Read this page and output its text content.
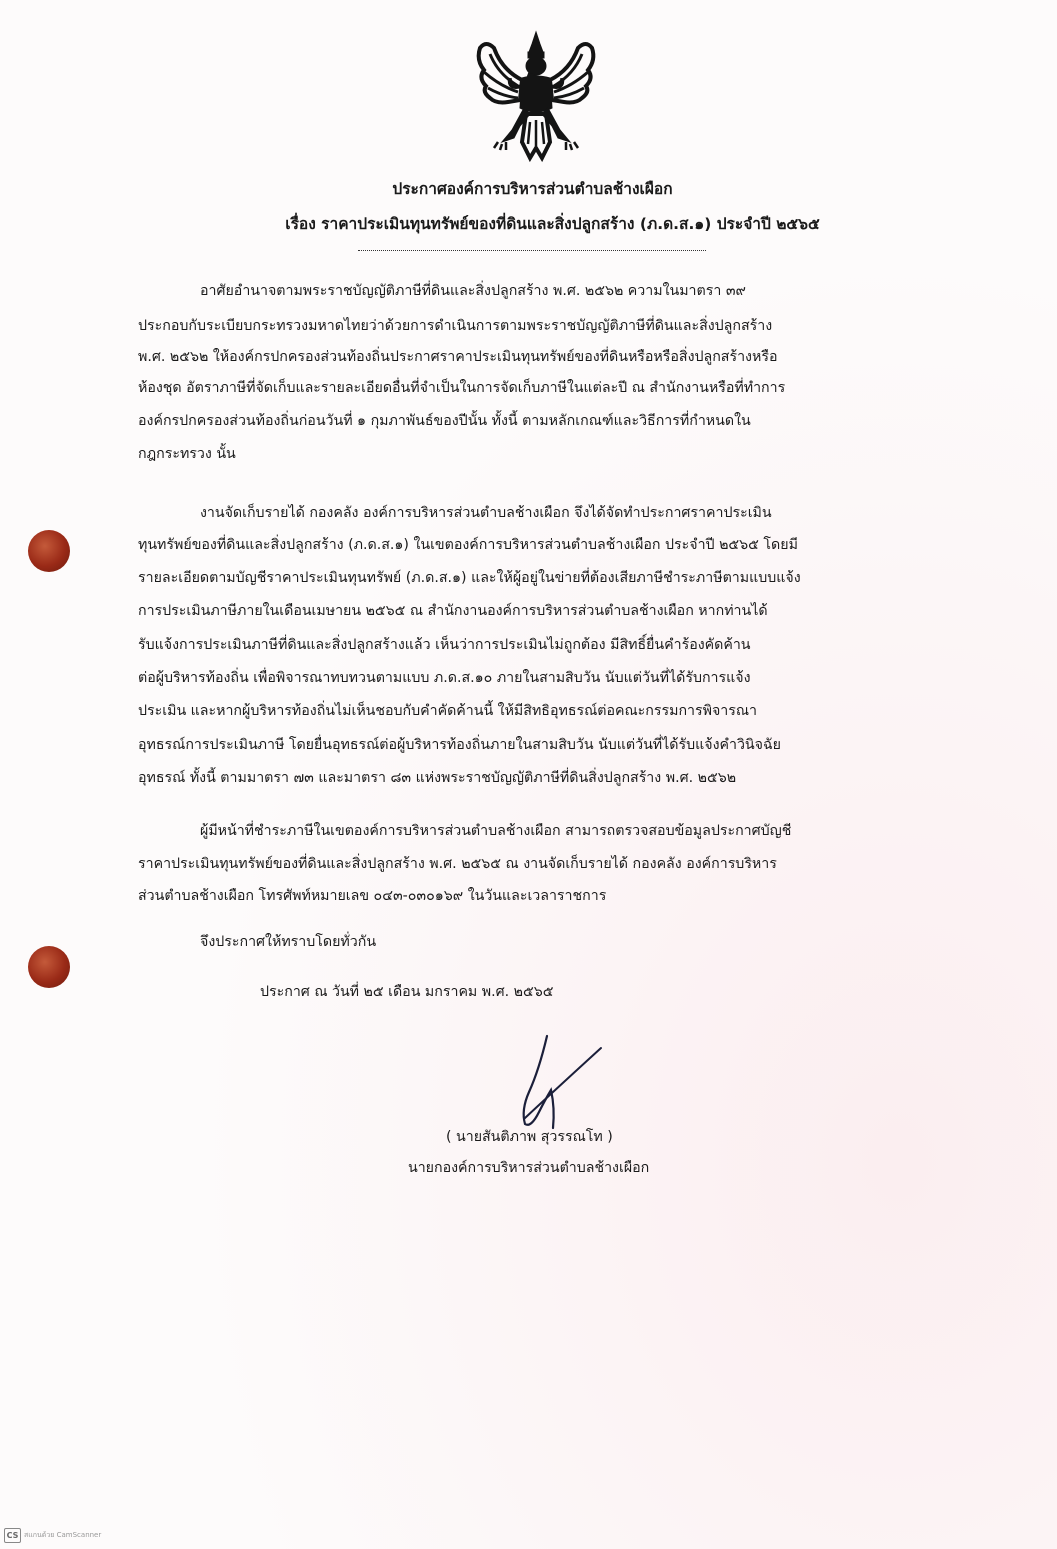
ประกาศองค์การบริหารส่วนตำบลช้างเผือก
เรื่อง ราคาประเมินทุนทรัพย์ของที่ดินและสิ่งปลูกสร้าง (ภ.ด.ส.๑) ประจำปี ๒๕๖๕
อาศัยอำนาจตามพระราชบัญญัติภาษีที่ดินและสิ่งปลูกสร้าง พ.ศ. ๒๕๖๒ ความในมาตรา ๓๙
ประกอบกับระเบียบกระทรวงมหาดไทยว่าด้วยการดำเนินการตามพระราชบัญญัติภาษีที่ดินและสิ่งปลูกสร้าง
พ.ศ. ๒๕๖๒ ให้องค์กรปกครองส่วนท้องถิ่นประกาศราคาประเมินทุนทรัพย์ของที่ดินหรือหรือสิ่งปลูกสร้างหรือ
ห้องชุด อัตราภาษีที่จัดเก็บและรายละเอียดอื่นที่จำเป็นในการจัดเก็บภาษีในแต่ละปี ณ สำนักงานหรือที่ทำการ
องค์กรปกครองส่วนท้องถิ่นก่อนวันที่ ๑ กุมภาพันธ์ของปีนั้น ทั้งนี้ ตามหลักเกณฑ์และวิธีการที่กำหนดใน
กฎกระทรวง นั้น
งานจัดเก็บรายได้ กองคลัง องค์การบริหารส่วนตำบลช้างเผือก จึงได้จัดทำประกาศราคาประเมิน
ทุนทรัพย์ของที่ดินและสิ่งปลูกสร้าง (ภ.ด.ส.๑) ในเขตองค์การบริหารส่วนตำบลช้างเผือก ประจำปี ๒๕๖๕ โดยมี
รายละเอียดตามบัญชีราคาประเมินทุนทรัพย์ (ภ.ด.ส.๑) และให้ผู้อยู่ในข่ายที่ต้องเสียภาษีชำระภาษีตามแบบแจ้ง
การประเมินภาษีภายในเดือนเมษายน ๒๕๖๕ ณ สำนักงานองค์การบริหารส่วนตำบลช้างเผือก หากท่านได้
รับแจ้งการประเมินภาษีที่ดินและสิ่งปลูกสร้างแล้ว เห็นว่าการประเมินไม่ถูกต้อง มีสิทธิ์ยื่นคำร้องคัดค้าน
ต่อผู้บริหารท้องถิ่น เพื่อพิจารณาทบทวนตามแบบ ภ.ด.ส.๑๐ ภายในสามสิบวัน นับแต่วันที่ได้รับการแจ้ง
ประเมิน และหากผู้บริหารท้องถิ่นไม่เห็นชอบกับคำคัดค้านนี้ ให้มีสิทธิอุทธรณ์ต่อคณะกรรมการพิจารณา
อุทธรณ์การประเมินภาษี โดยยื่นอุทธรณ์ต่อผู้บริหารท้องถิ่นภายในสามสิบวัน นับแต่วันที่ได้รับแจ้งคำวินิจฉัย
อุทธรณ์ ทั้งนี้ ตามมาตรา ๗๓ และมาตรา ๘๓ แห่งพระราชบัญญัติภาษีที่ดินสิ่งปลูกสร้าง พ.ศ. ๒๕๖๒
ผู้มีหน้าที่ชำระภาษีในเขตองค์การบริหารส่วนตำบลช้างเผือก สามารถตรวจสอบข้อมูลประกาศบัญชี
ราคาประเมินทุนทรัพย์ของที่ดินและสิ่งปลูกสร้าง พ.ศ. ๒๕๖๕ ณ งานจัดเก็บรายได้ กองคลัง องค์การบริหาร
ส่วนตำบลช้างเผือก โทรศัพท์หมายเลข ๐๔๓-๐๓๐๑๖๙ ในวันและเวลาราชการ
จึงประกาศให้ทราบโดยทั่วกัน
ประกาศ ณ วันที่ ๒๕ เดือน มกราคม พ.ศ. ๒๕๖๕
( นายสันติภาพ สุวรรณโท )
นายกองค์การบริหารส่วนตำบลช้างเผือก
CS สแกนด้วย CamScanner
